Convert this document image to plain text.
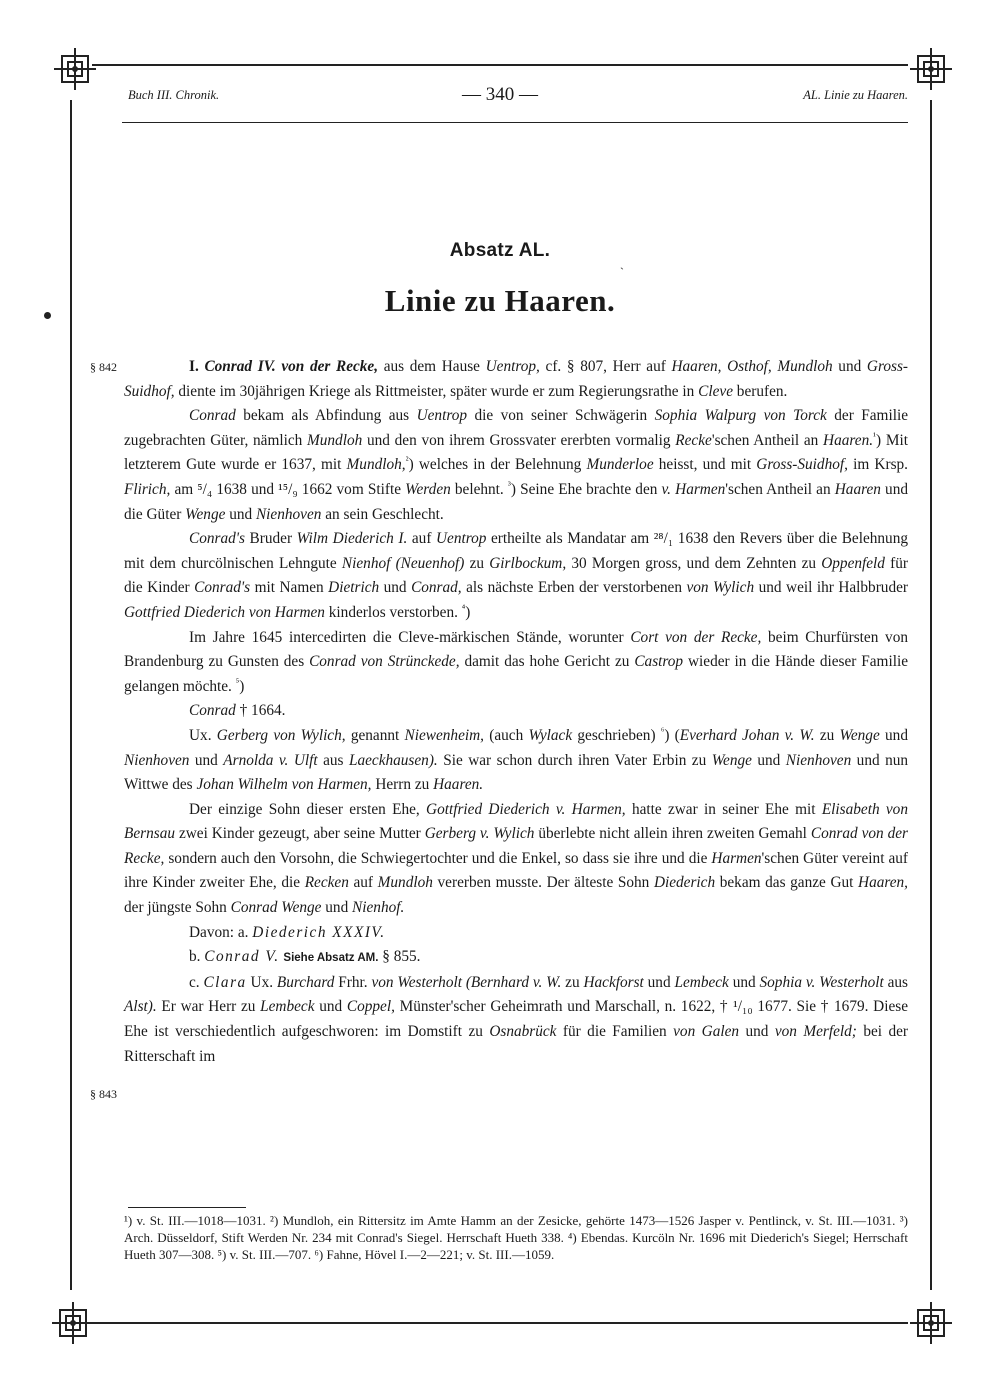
Buch III. Chronik.	— 340 —	AL. Linie zu Haaren.
ˏ
Absatz AL.
Linie zu Haaren.
§ 842
§ 843

I. Conrad IV. von der Recke, aus dem Hause Uentrop, cf. § 807, Herr auf Haaren, Osthof, Mundloh und Gross-Suidhof, diente im 30jährigen Kriege als Rittmeister, später wurde er zum Regierungsrathe in Cleve berufen.

Conrad bekam als Abfindung aus Uentrop die von seiner Schwägerin Sophia Walpurg von Torck der Familie zugebrachten Güter, nämlich Mundloh und den von ihrem Grossvater ererbten vormalig Recke'schen Antheil an Haaren.$^{^1}$) Mit letzterem Gute wurde er 1637, mit Mundloh,$^{^2}$) welches in der Belehnung Munderloe heisst, und mit Gross-Suidhof, im Krsp. Flirich, am ⁵/₄ 1638 und ¹⁵/₉ 1662 vom Stifte Werden belehnt. $^{^3}$) Seine Ehe brachte den v. Harmen'schen Antheil an Haaren und die Güter Wenge und Nienhoven an sein Geschlecht.

Conrad's Bruder Wilm Diederich I. auf Uentrop ertheilte als Mandatar am ²⁸/₁ 1638 den Revers über die Belehnung mit dem churcölnischen Lehngute Nienhof (Neuenhof) zu Girlbockum, 30 Morgen gross, und dem Zehnten zu Oppenfeld für die Kinder Conrad's mit Namen Dietrich und Conrad, als nächste Erben der verstorbenen von Wylich und weil ihr Halbbruder Gottfried Diederich von Harmen kinderlos verstorben. $^{^4}$)

Im Jahre 1645 intercedirten die Cleve-märkischen Stände, worunter Cort von der Recke, beim Churfürsten von Brandenburg zu Gunsten des Conrad von Strünckede, damit das hohe Gericht zu Castrop wieder in die Hände dieser Familie gelangen möchte. $^{^5}$)

Conrad † 1664.

Ux. Gerberg von Wylich, genannt Niewenheim, (auch Wylack geschrieben) $^{^6}$) (Everhard Johan v. W. zu Wenge und Nienhoven und Arnolda v. Ulft aus Laeckhausen). Sie war schon durch ihren Vater Erbin zu Wenge und Nienhoven und nun Wittwe des Johan Wilhelm von Harmen, Herrn zu Haaren.

Der einzige Sohn dieser ersten Ehe, Gottfried Diederich v. Harmen, hatte zwar in seiner Ehe mit Elisabeth von Bernsau zwei Kinder gezeugt, aber seine Mutter Gerberg v. Wylich überlebte nicht allein ihren zweiten Gemahl Conrad von der Recke, sondern auch den Vorsohn, die Schwiegertochter und die Enkel, so dass sie ihre und die Harmen'schen Güter vereint auf ihre Kinder zweiter Ehe, die Recken auf Mundloh vererben musste. Der älteste Sohn Diederich bekam das ganze Gut Haaren, der jüngste Sohn Conrad Wenge und Nienhof.

Davon: a. Diederich XXXIV.

b. Conrad V. Siehe Absatz AM. § 855.

c. Clara Ux. Burchard Frhr. von Westerholt (Bernhard v. W. zu Hackforst und Lembeck und Sophia v. Westerholt aus Alst). Er war Herr zu Lembeck und Coppel, Münster'scher Geheimrath und Marschall, n. 1622, † ¹/₁₀ 1677. Sie † 1679. Diese Ehe ist verschiedentlich aufgeschworen: im Domstift zu Osnabrück für die Familien von Galen und von Merfeld; bei der Ritterschaft im

¹) v. St. III.—1018—1031. ²) Mundloh, ein Rittersitz im Amte Hamm an der Zesicke, gehörte 1473—1526 Jasper v. Pentlinck, v. St. III.—1031. ³) Arch. Düsseldorf, Stift Werden Nr. 234 mit Conrad's Siegel. Herrschaft Hueth 338. ⁴) Ebendas. Kurcöln Nr. 1696 mit Diederich's Siegel; Herrschaft Hueth 307—308. ⁵) v. St. III.—707. ⁶) Fahne, Hövel I.—2—221; v. St. III.—1059.
